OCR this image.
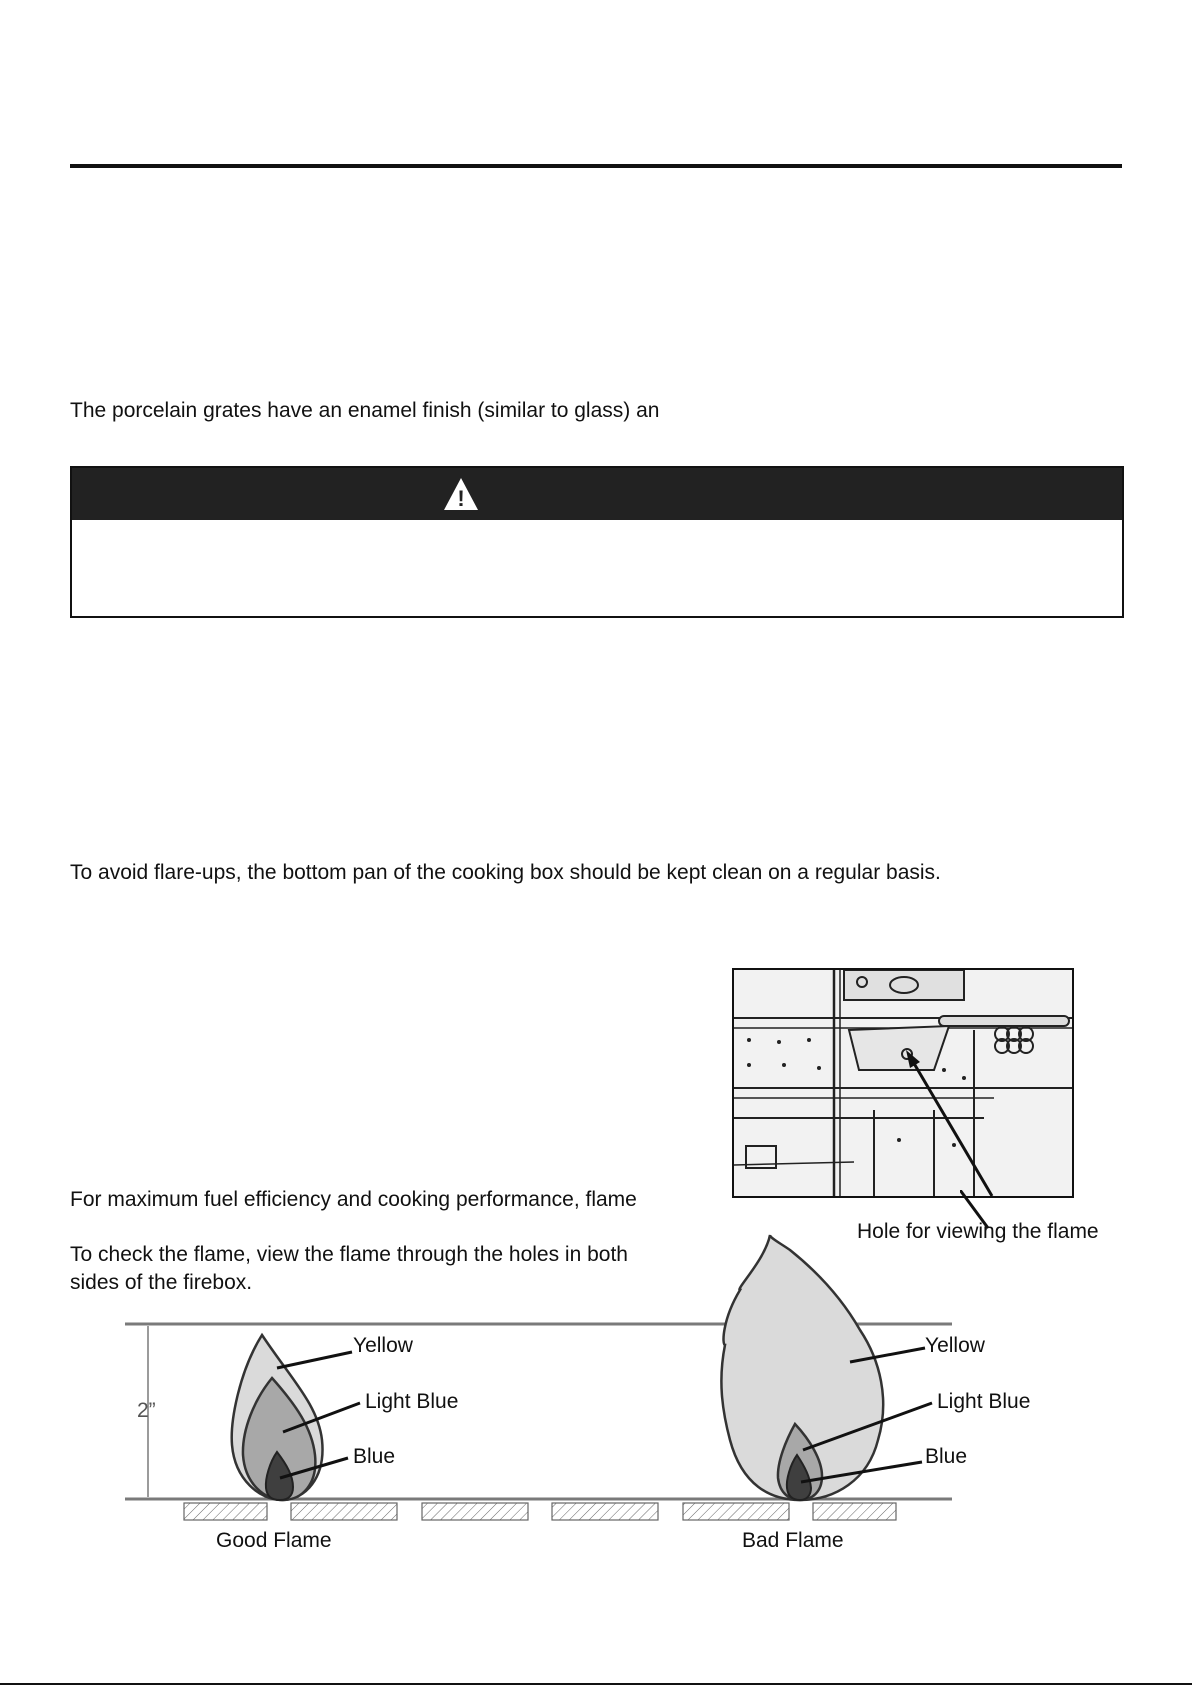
The porcelain grates have an enamel finish (similar to glass) an
!
To avoid flare-ups, the bottom pan of the cooking box should be kept clean on a regular basis.
Hole for viewing the flame
For maximum fuel efficiency and cooking performance, flame
To check the flame, view the flame through the holes in both
sides of the firebox.
2”
Yellow
Light Blue
Blue
Good Flame
Yellow
Light Blue
Blue
Bad Flame
